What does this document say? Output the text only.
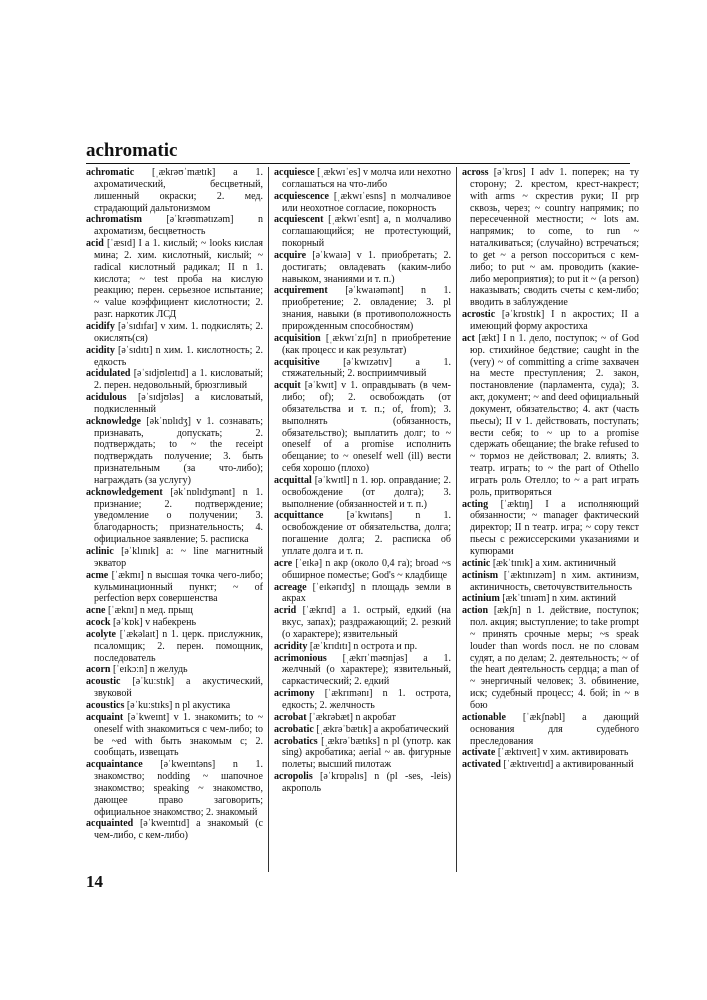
achromatic

achromatic [ˌækrəʊˈmætɪk] a 1. ахроматический, бесцветный, лишенный окраски; 2. мед. страдающий дальтонизмом

achromatism [əˈkrəʊmətɪzəm] n ахроматизм, бесцветность

acid [ˈæsɪd] I a 1. кислый; ~ looks кислая мина; 2. хим. кислотный, кислый; ~ radical кислотный радикал; II n 1. кислота; ~ test проба на кислую реакцию; перен. серьезное испытание; ~ value коэффициент кислотности; 2. разг. наркотик ЛСД

acidify [əˈsɪdɪfaɪ] v хим. 1. подкислять; 2. окислять(ся)

acidity [əˈsɪdɪtɪ] n хим. 1. кислотность; 2. едкость

acidulated [əˈsɪdjʊleɪtɪd] a 1. кисловатый; 2. перен. недовольный, брюзгливый

acidulous [əˈsɪdjʊləs] a кисловатый, подкисленный

acknowledge [əkˈnɒlɪdʒ] v 1. сознавать; признавать, допускать; 2. подтверждать; to ~ the receipt подтверждать получение; 3. быть признательным (за что-либо); награждать (за услугу)

acknowledgement [əkˈnɒlɪdʒmənt] n 1. признание; 2. подтверждение; уведомление о получении; 3. благодарность; признательность; 4. официальное заявление; 5. расписка

aclinic [əˈklɪnɪk] a: ~ line магнитный экватор

acme [ˈækmɪ] n высшая точка чего-либо; кульминационный пункт; ~ of perfection верх совершенства

acne [ˈæknɪ] n мед. прыщ

acock [əˈkɒk] v набекрень

acolyte [ˈækəlaɪt] n 1. церк. прислужник, псаломщик; 2. перен. помощник, последователь

acorn [ˈeɪkɔːn] n желудь

acoustic [əˈkuːstɪk] a акустический, звуковой

acoustics [əˈkuːstɪks] n pl акустика

acquaint [əˈkweɪnt] v 1. знакомить; to ~ oneself with знакомиться с чем-либо; to be ~ed with быть знакомым с; 2. сообщать, извещать

acquaintance [əˈkweɪntəns] n 1. знакомство; nodding ~ шапочное знакомство; speaking ~ знакомство, дающее право заговорить; официальное знакомство; 2. знакомый

acquainted [əˈkweɪntɪd] a знакомый (с чем-либо, с кем-либо)

acquiesce [ˌækwɪˈes] v молча или нехотно соглашаться на что-либо

acquiescence [ˌækwɪˈesns] n молчаливое или неохотное согласие, покорность

acquiescent [ˌækwɪˈesnt] a, n молчаливо соглашающийся; не протестующий, покорный

acquire [əˈkwaɪə] v 1. приобретать; 2. достигать; овладевать (каким-либо навыком, знаниями и т. п.)

acquirement [əˈkwaɪəmənt] n 1. приобретение; 2. овладение; 3. pl знания, навыки (в противоположность прирожденным способностям)

acquisition [ˌækwɪˈzɪʃn] n приобретение (как процесс и как результат)

acquisitive [əˈkwɪzətɪv] a 1. стяжательный; 2. восприимчивый

acquit [əˈkwɪt] v 1. оправдывать (в чем-либо; of); 2. освобождать (от обязательства и т. п.; of, from); 3. выполнять (обязанность, обязательство); выплатить долг; to ~ oneself of a promise исполнить обещание; to ~ oneself well (ill) вести себя хорошо (плохо)

acquittal [əˈkwɪtl] n 1. юр. оправдание; 2. освобождение (от долга); 3. выполнение (обязанностей и т. п.)

acquittance [əˈkwɪtəns] n 1. освобождение от обязательства, долга; погашение долга; 2. расписка об уплате долга и т. п.

acre [ˈeɪkə] n акр (около 0,4 га); broad ~s обширное поместье; God's ~ кладбище

acreage [ˈeɪkərɪdʒ] n площадь земли в акрах

acrid [ˈækrɪd] a 1. острый, едкий (на вкус, запах); раздражающий; 2. резкий (о характере); язвительный

acridity [æˈkrɪdɪtɪ] n острота и пр.

acrimonious [ˌækrɪˈməʊnjəs] a 1. желчный (о характере); язвительный, саркастический; 2. едкий

acrimony [ˈækrɪmənɪ] n 1. острота, едкость; 2. желчность

acrobat [ˈækrəbæt] n акробат

acrobatic [ˌækrəˈbætɪk] a акробатический

acrobatics [ˌækrəˈbætɪks] n pl (употр. как sing) акробатика; aerial ~ ав. фигурные полеты; высший пилотаж

acropolis [əˈkrɒpəlɪs] n (pl -ses, -leis) акрополь

across [əˈkrɒs] I adv 1. поперек; на ту сторону; 2. крестом, крест-накрест; with arms ~ скрестив руки; II prp сквозь, через; ~ country напрямик; по пересеченной местности; ~ lots ам. напрямик; to come, to run ~ наталкиваться; (случайно) встречаться; to get ~ a person поссориться с кем-либо; to put ~ ам. проводить (какие-либо мероприятия); to put it ~ (a person) наказывать; сводить счеты с кем-либо; вводить в заблуждение

acrostic [əˈkrɒstɪk] I n акростих; II a имеющий форму акростиха

act [ækt] I n 1. дело, поступок; ~ of God юр. стихийное бедствие; caught in the (very) ~ of committing a crime захвачен на месте преступления; 2. закон, постановление (парламента, суда); 3. акт, документ; ~ and deed официальный документ, обязательство; 4. акт (часть пьесы); II v 1. действовать, поступать; вести себя; to ~ up to a promise сдержать обещание; the brake refused to ~ тормоз не действовал; 2. влиять; 3. театр. играть; to ~ the part of Othello играть роль Отелло; to ~ a part играть роль, притворяться

acting [ˈæktɪŋ] I a исполняющий обязанности; ~ manager фактический директор; II n театр. игра; ~ copy текст пьесы с режиссерскими указаниями и купюрами

actinic [ækˈtɪnɪk] a хим. актиничный

actinism [ˈæktɪnɪzəm] n хим. актинизм, актиничность, светочувствительность

actinium [ækˈtɪnɪəm] n хим. актиний

action [ækʃn] n 1. действие, поступок; пол. акция; выступление; to take prompt ~ принять срочные меры; ~s speak louder than words посл. не по словам судят, а по делам; 2. деятельность; ~ of the heart деятельность сердца; a man of ~ энергичный человек; 3. обвинение, иск; судебный процесс; 4. бой; in ~ в бою

actionable [ˈækʃnəbl] a дающий основания для судебного преследования

activate [ˈæktɪveɪt] v хим. активировать

activated [ˈæktɪveɪtɪd] a активированный

14
